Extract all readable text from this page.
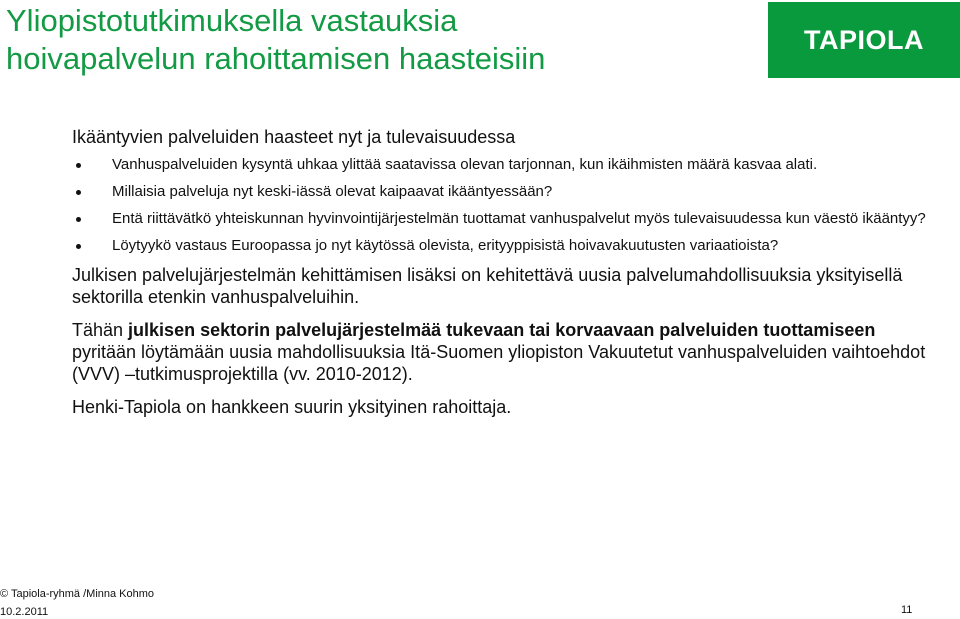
Yliopistotutkimuksella vastauksia
hoivapalvelun rahoittamisen haasteisiin
TAPIOLA

Ikääntyvien palveluiden haasteet nyt ja tulevaisuudessa

Vanhuspalveluiden kysyntä uhkaa ylittää saatavissa olevan tarjonnan, kun ikäihmisten määrä kasvaa alati.
Millaisia palveluja nyt keski-iässä olevat kaipaavat ikääntyessään?
Entä riittävätkö yhteiskunnan hyvinvointijärjestelmän tuottamat vanhuspalvelut myös tulevaisuudessa kun väestö ikääntyy?
Löytyykö vastaus Euroopassa jo nyt käytössä olevista, erityyppisistä hoivavakuutusten variaatioista?

Julkisen palvelujärjestelmän kehittämisen lisäksi on kehitettävä uusia palvelumahdollisuuksia yksityisellä sektorilla etenkin vanhuspalveluihin.

Tähän julkisen sektorin palvelujärjestelmää tukevaan tai korvaavaan palveluiden tuottamiseen pyritään löytämään uusia mahdollisuuksia Itä-Suomen yliopiston Vakuutetut vanhuspalveluiden vaihtoehdot (VVV) –tutkimusprojektilla (vv. 2010-2012).

Henki-Tapiola on hankkeen suurin yksityinen rahoittaja.

© Tapiola-ryhmä /Minna Kohmo
10.2.2011	11
